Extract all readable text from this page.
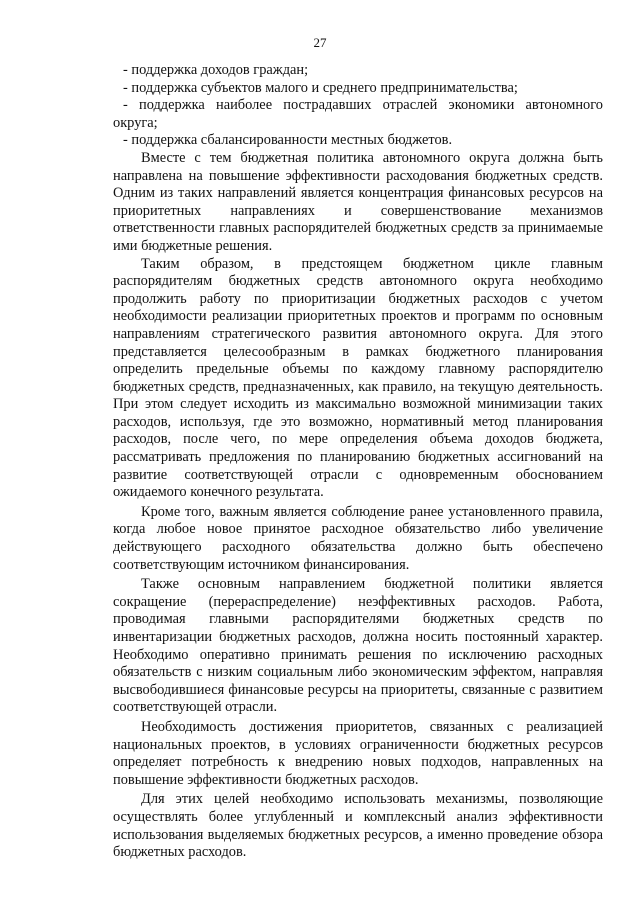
27

- поддержка доходов граждан;

- поддержка субъектов малого и среднего предпринимательства;

- поддержка наиболее пострадавших отраслей экономики автономного округа;

- поддержка сбалансированности местных бюджетов.

Вместе с тем бюджетная политика автономного округа должна быть направлена на повышение эффективности расходования бюджетных средств. Одним из таких направлений является концентрация финансовых ресурсов на приоритетных направлениях и совершенствование механизмов ответственности главных распорядителей бюджетных средств за принимаемые ими бюджетные решения.

Таким образом, в предстоящем бюджетном цикле главным распорядителям бюджетных средств автономного округа необходимо продолжить работу по приоритизации бюджетных расходов с учетом необходимости реализации приоритетных проектов и программ по основным направлениям стратегического развития автономного округа. Для этого представляется целесообразным в рамках бюджетного планирования определить предельные объемы по каждому главному распорядителю бюджетных средств, предназначенных, как правило, на текущую деятельность. При этом следует исходить из максимально возможной минимизации таких расходов, используя, где это возможно, нормативный метод планирования расходов, после чего, по мере определения объема доходов бюджета, рассматривать предложения по планированию бюджетных ассигнований на развитие соответствующей отрасли с одновременным обоснованием ожидаемого конечного результата.

Кроме того, важным является соблюдение ранее установленного правила, когда любое новое принятое расходное обязательство либо увеличение действующего расходного обязательства должно быть обеспечено соответствующим источником финансирования.

Также основным направлением бюджетной политики является сокращение (перераспределение) неэффективных расходов. Работа, проводимая главными распорядителями бюджетных средств по инвентаризации бюджетных расходов, должна носить постоянный характер. Необходимо оперативно принимать решения по исключению расходных обязательств с низким социальным либо экономическим эффектом, направляя высвободившиеся финансовые ресурсы на приоритеты, связанные с развитием соответствующей отрасли.

Необходимость достижения приоритетов, связанных с реализацией национальных проектов, в условиях ограниченности бюджетных ресурсов определяет потребность к внедрению новых подходов, направленных на повышение эффективности бюджетных расходов.

Для этих целей необходимо использовать механизмы, позволяющие осуществлять более углубленный и комплексный анализ эффективности использования выделяемых бюджетных ресурсов, а именно проведение обзора бюджетных расходов.
